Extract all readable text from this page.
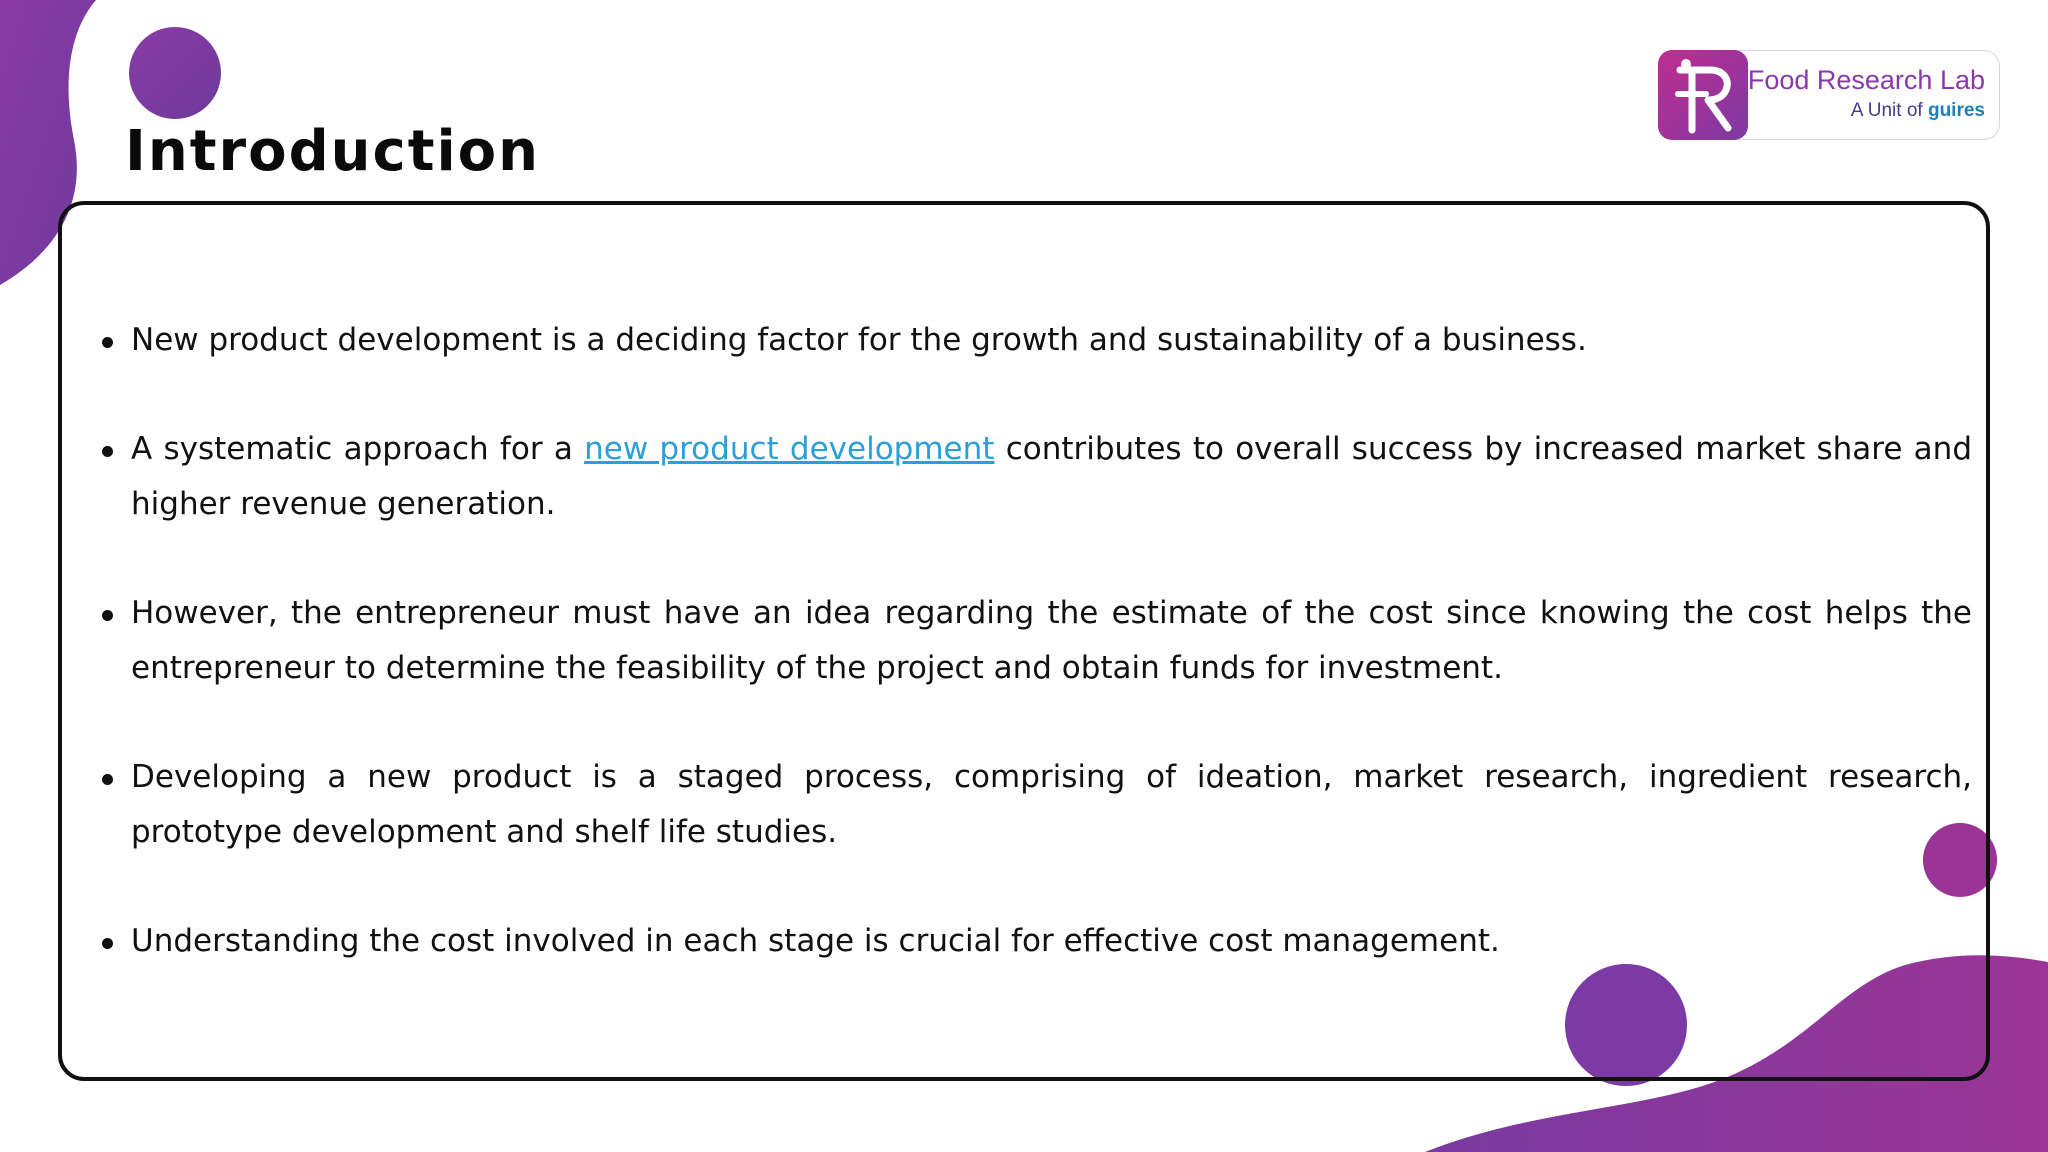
Introduction
Food Research Lab
A Unit of guires
New product development is a deciding factor for the growth and sustainability of a business.
A systematic approach for a new product development contributes to overall success by increased market share and higher revenue generation.
However, the entrepreneur must have an idea regarding the estimate of the cost since knowing the cost helps the entrepreneur to determine the feasibility of the project and obtain funds for investment.
Developing a new product is a staged process, comprising of ideation, market research, ingredient research, prototype development and shelf life studies.
Understanding the cost involved in each stage is crucial for effective cost management.
